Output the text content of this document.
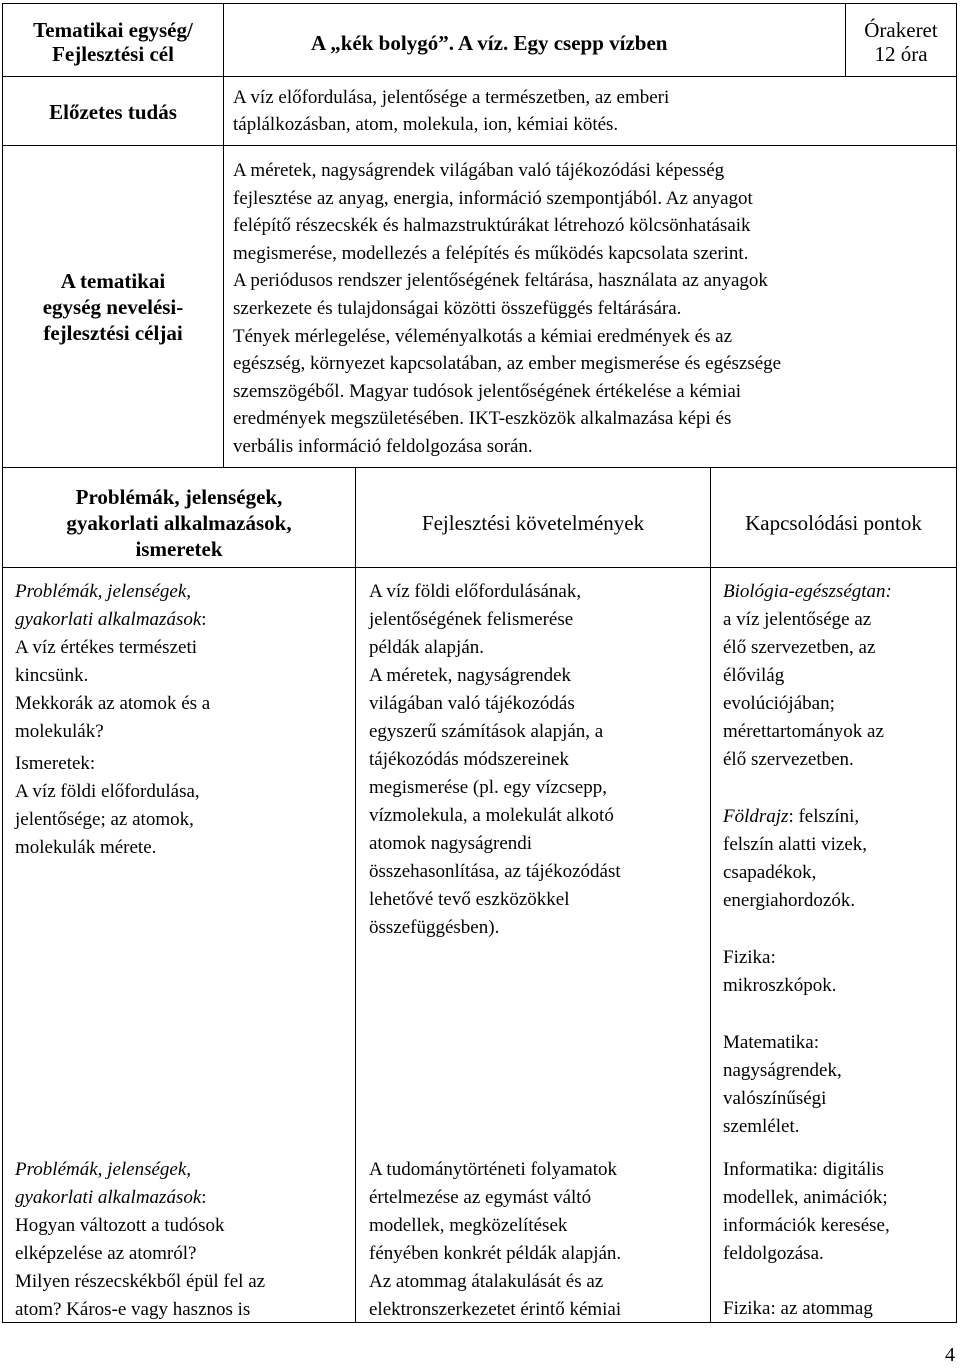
Tematikai egység/
Fejlesztési cél	A „kék bolygó”. A víz. Egy csepp vízben
Órakeret
12 óra
Előzetes tudás
A víz előfordulása, jelentősége a természetben, az emberi
táplálkozásban, atom, molekula, ion, kémiai kötés.
A tematikai
egység nevelési-
fejlesztési céljai
A méretek, nagyságrendek világában való tájékozódási képesség
fejlesztése az anyag, energia, információ szempontjából. Az anyagot
felépítő részecskék és halmazstruktúrákat létrehozó kölcsönhatásaik
megismerése, modellezés a felépítés és működés kapcsolata szerint.
A periódusos rendszer jelentőségének feltárása, használata az anyagok
szerkezete és tulajdonságai közötti összefüggés feltárására.
Tények mérlegelése, véleményalkotás a kémiai eredmények és az
egészség, környezet kapcsolatában, az ember megismerése és egészsége
szemszögéből. Magyar tudósok jelentőségének értékelése a kémiai
eredmények megszületésében. IKT-eszközök alkalmazása képi és
verbális információ feldolgozása során.
Problémák, jelenségek,
gyakorlati alkalmazások,
ismeretek
Fejlesztési követelmények	Kapcsolódási pontok
Problémák, jelenségek,
gyakorlati alkalmazások:
A víz értékes természeti
kincsünk.
Mekkorák az atomok és a
molekulák?
Ismeretek:
A víz földi előfordulása,
jelentősége; az atomok,
molekulák mérete.
Problémák, jelenségek,
gyakorlati alkalmazások:
Hogyan változott a tudósok
elképzelése az atomról?
Milyen részecskékből épül fel az
atom? Káros-e vagy hasznos is
A víz földi előfordulásának,
jelentőségének felismerése
példák alapján.
A méretek, nagyságrendek
világában való tájékozódás
egyszerű számítások alapján, a
tájékozódás módszereinek
megismerése (pl. egy vízcsepp,
vízmolekula, a molekulát alkotó
atomok nagyságrendi
összehasonlítása, az tájékozódást
lehetővé tevő eszközökkel
összefüggésben).
A tudománytörténeti folyamatok
értelmezése az egymást váltó
modellek, megközelítések
fényében konkrét példák alapján.
Az atommag átalakulását és az
elektronszerkezetet érintő kémiai
Biológia-egészségtan:
a víz jelentősége az
élő szervezetben, az
élővilág
evolúciójában;
mérettartományok az
élő szervezetben.
Földrajz: felszíni,
felszín alatti vizek,
csapadékok,
energiahordozók.
Fizika:
mikroszkópok.
Matematika:
nagyságrendek,
valószínűségi
szemlélet.
Informatika: digitális
modellek, animációk;
információk keresése,
feldolgozása.
Fizika: az atommag
4
